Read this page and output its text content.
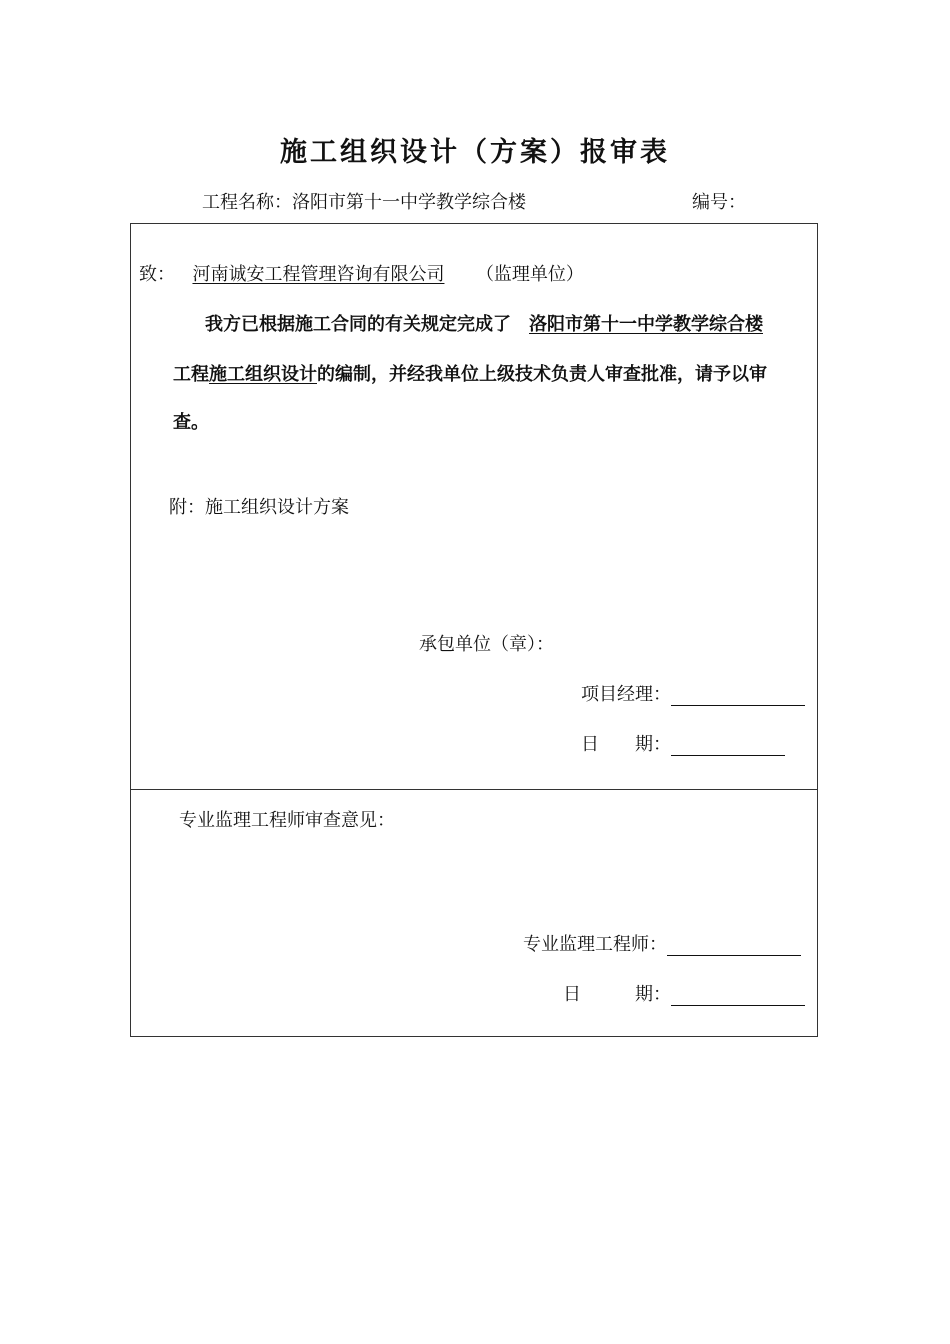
施工组织设计（方案）报审表
工程名称：洛阳市第十一中学教学综合楼	编号：
致： 河南诚安工程管理咨询有限公司 （监理单位）
我方已根据施工合同的有关规定完成了 洛阳市第十一中学教学综合楼
工程施工组织设计的编制，并经我单位上级技术负责人审查批准，请予以审
查。
附：施工组织设计方案
承包单位（章）：
项目经理：
日　　期：
专业监理工程师审查意见：
专业监理工程师：
日　　　期：
